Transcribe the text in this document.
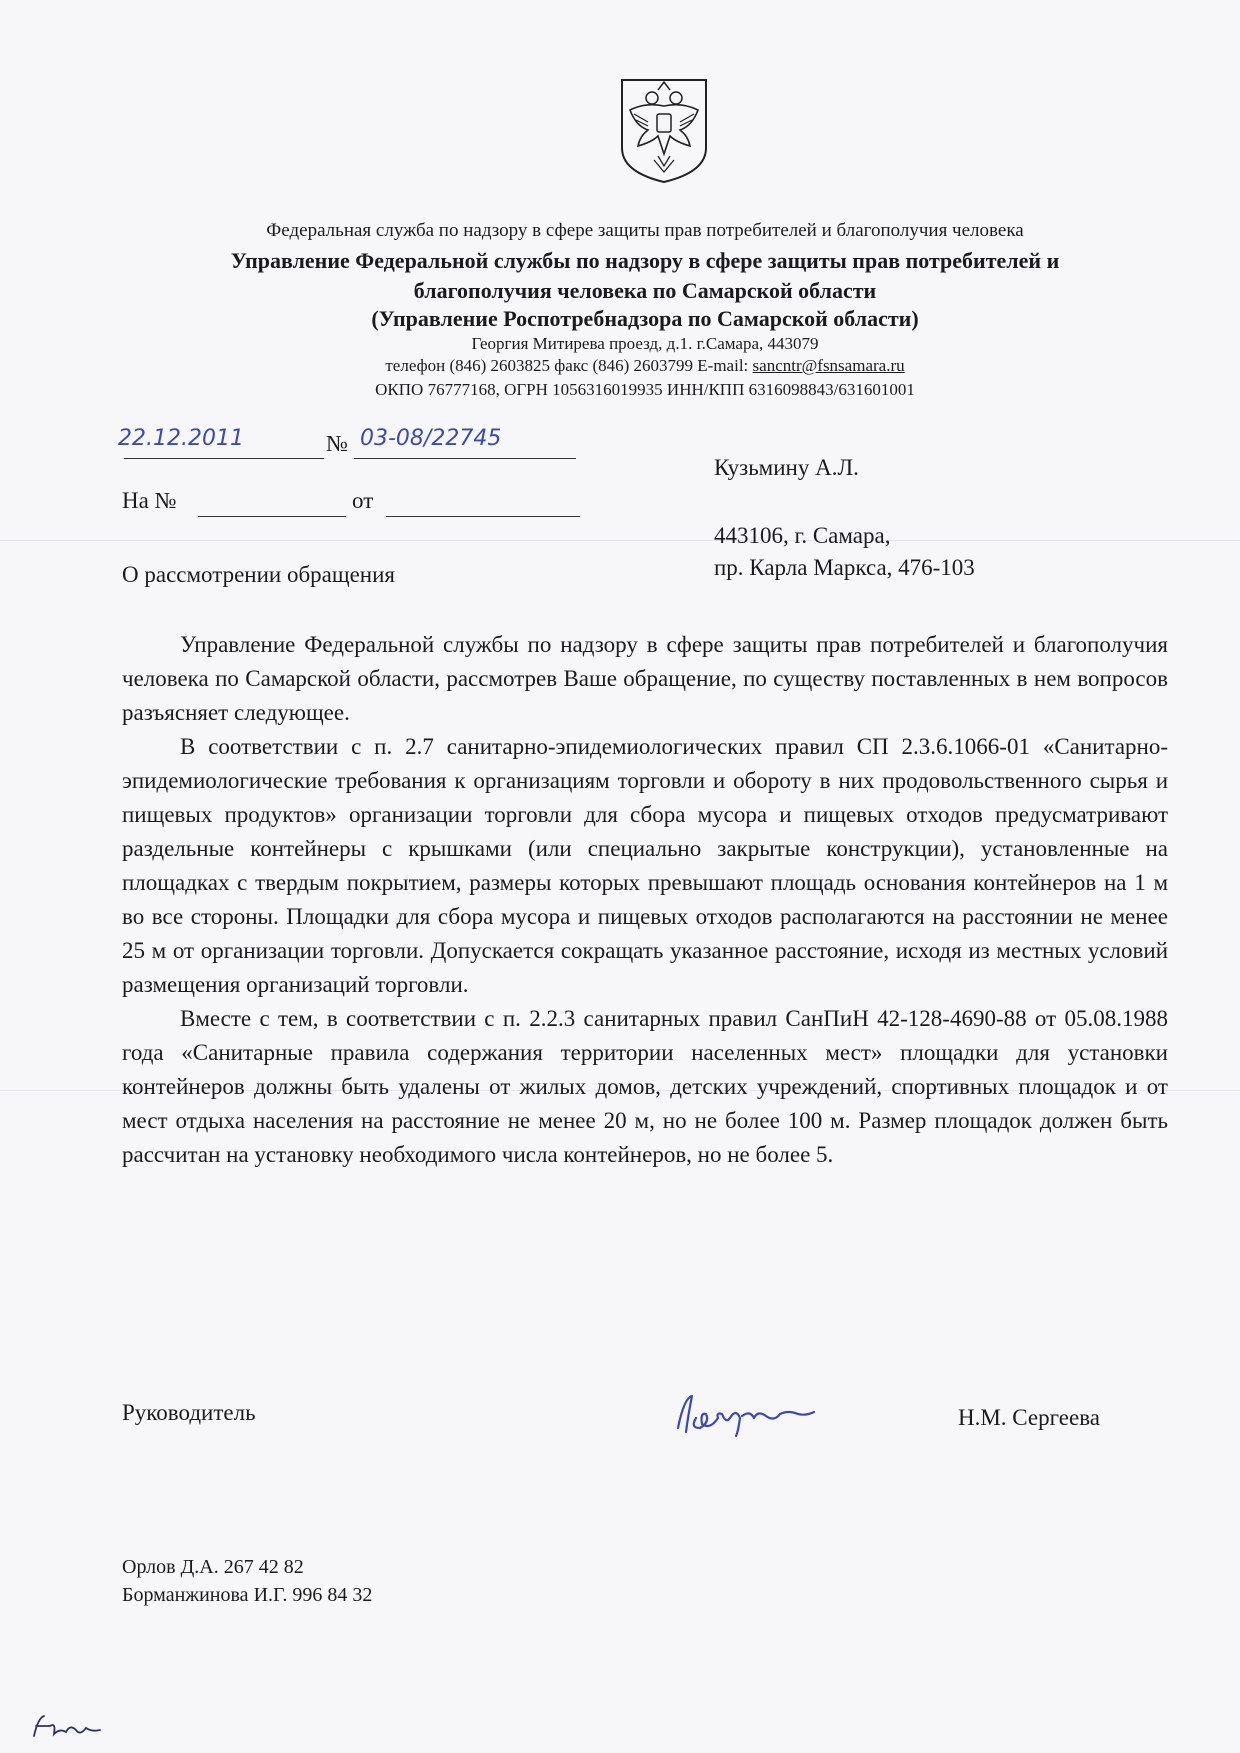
Федеральная служба по надзору в сфере защиты прав потребителей и благополучия человека
Управление Федеральной службы по надзору в сфере защиты прав потребителей и
благополучия человека по Самарской области
(Управление Роспотребнадзора по Самарской области)
Георгия Митирева проезд, д.1. г.Самара, 443079
телефон (846) 2603825 факс (846) 2603799 E-mail: sancntr@fsnsamara.ru
ОКПО 76777168, ОГРН 1056316019935 ИНН/КПП 6316098843/631601001
22.12.2011	№ 03-08/22745
На №	от
О рассмотрении обращения
Кузьмину А.Л.
443106, г. Самара,
пр. Карла Маркса, 476-103

Управление Федеральной службы по надзору в сфере защиты прав потребителей и благополучия человека по Самарской области, рассмотрев Ваше обращение, по существу поставленных в нем вопросов разъясняет следующее.

В соответствии с п. 2.7 санитарно-эпидемиологических правил СП 2.3.6.1066-01 «Санитарно-эпидемиологические требования к организациям торговли и обороту в них продовольственного сырья и пищевых продуктов» организации торговли для сбора мусора и пищевых отходов предусматривают раздельные контейнеры с крышками (или специально закрытые конструкции), установленные на площадках с твердым покрытием, размеры которых превышают площадь основания контейнеров на 1 м во все стороны. Площадки для сбора мусора и пищевых отходов располагаются на расстоянии не менее 25 м от организации торговли. Допускается сокращать указанное расстояние, исходя из местных условий размещения организаций торговли.

Вместе с тем, в соответствии с п. 2.2.3 санитарных правил СанПиН 42-128-4690-88 от 05.08.1988 года «Санитарные правила содержания территории населенных мест» площадки для установки контейнеров должны быть удалены от жилых домов, детских учреждений, спортивных площадок и от мест отдыха населения на расстояние не менее 20 м, но не более 100 м. Размер площадок должен быть рассчитан на установку необходимого числа контейнеров, но не более 5.

Руководитель	Н.М. Сергеева
Орлов Д.А. 267 42 82
Борманжинова И.Г. 996 84 32
